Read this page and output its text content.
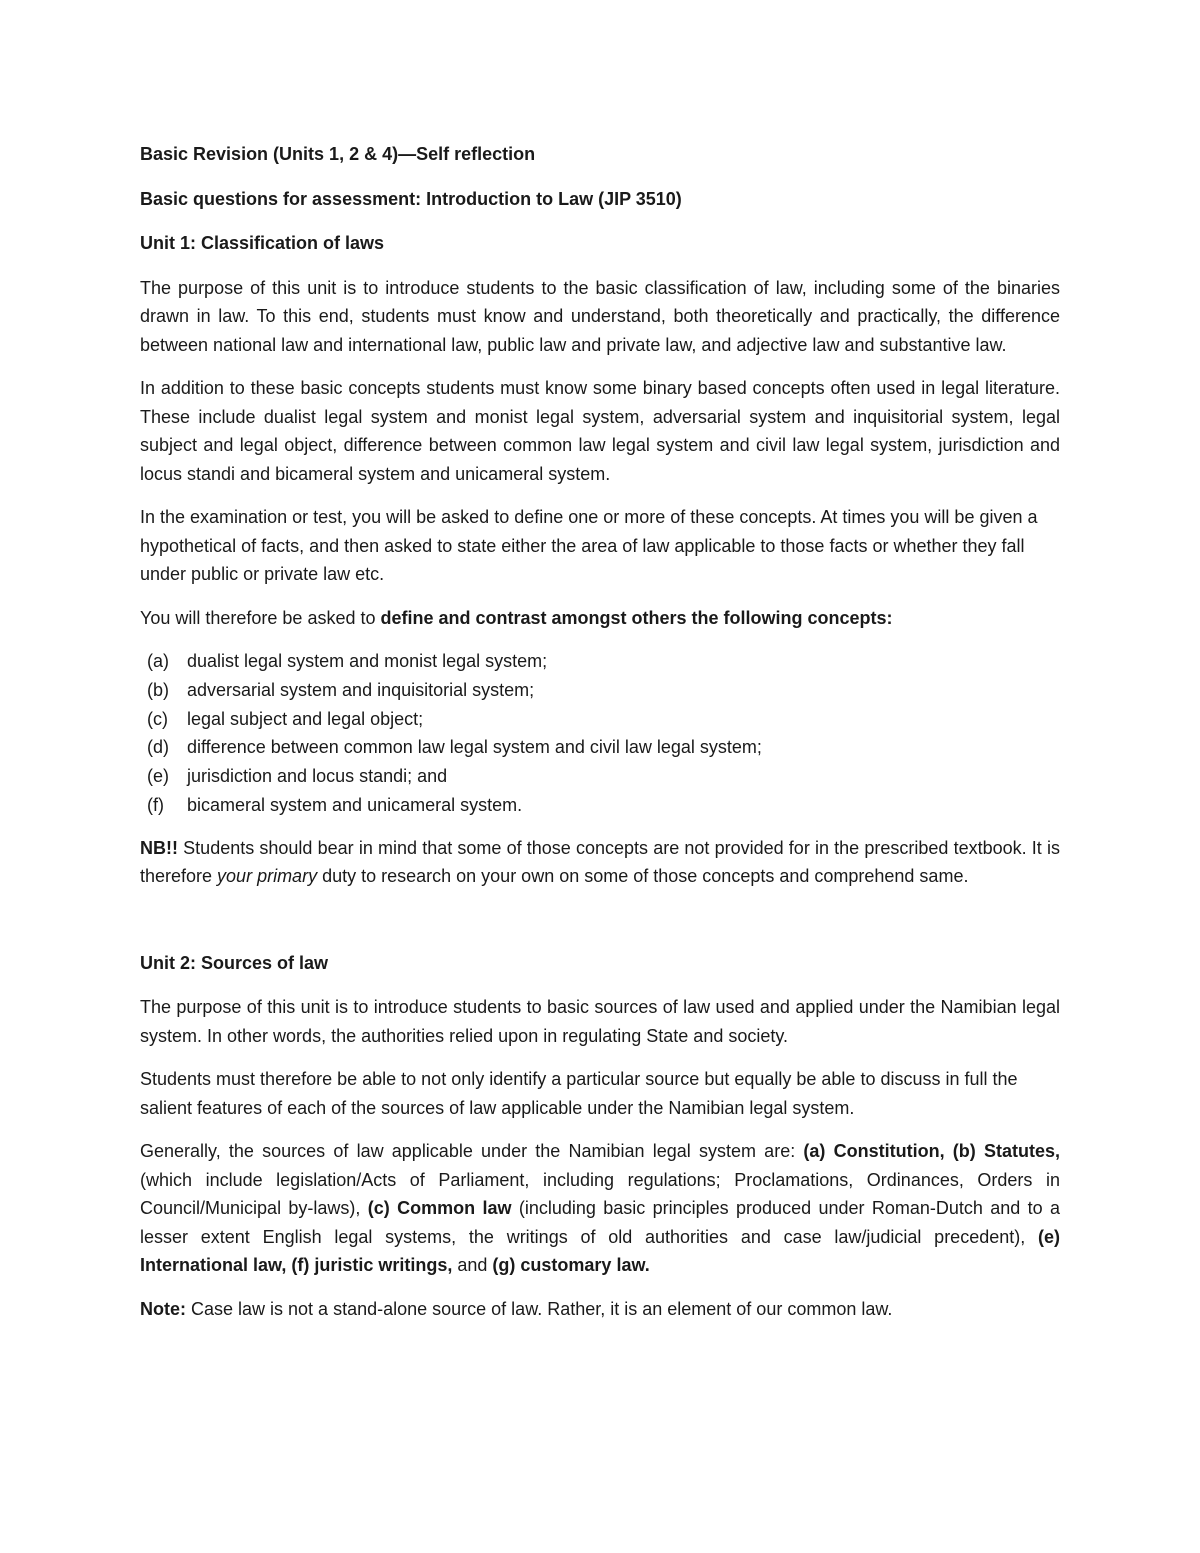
Basic Revision (Units 1, 2 & 4)—Self reflection

Basic questions for assessment: Introduction to Law (JIP 3510)

Unit 1: Classification of laws

The purpose of this unit is to introduce students to the basic classification of law, including some of the binaries drawn in law. To this end, students must know and understand, both theoretically and practically, the difference between national law and international law, public law and private law, and adjective law and substantive law.

In addition to these basic concepts students must know some binary based concepts often used in legal literature. These include dualist legal system and monist legal system, adversarial system and inquisitorial system, legal subject and legal object, difference between common law legal system and civil law legal system, jurisdiction and locus standi and bicameral system and unicameral system.

In the examination or test, you will be asked to define one or more of these concepts. At times you will be given a hypothetical of facts, and then asked to state either the area of law applicable to those facts or whether they fall under public or private law etc.

You will therefore be asked to define and contrast amongst others the following concepts:

(a)	dualist legal system and monist legal system;
(b)	adversarial system and inquisitorial system;
(c)	legal subject and legal object;
(d)	difference between common law legal system and civil law legal system;
(e)	jurisdiction and locus standi; and
(f)	bicameral system and unicameral system.

NB!! Students should bear in mind that some of those concepts are not provided for in the prescribed textbook. It is therefore your primary duty to research on your own on some of those concepts and comprehend same.

Unit 2: Sources of law

The purpose of this unit is to introduce students to basic sources of law used and applied under the Namibian legal system. In other words, the authorities relied upon in regulating State and society.

Students must therefore be able to not only identify a particular source but equally be able to discuss in full the salient features of each of the sources of law applicable under the Namibian legal system.

Generally, the sources of law applicable under the Namibian legal system are: (a) Constitution, (b) Statutes, (which include legislation/Acts of Parliament, including regulations; Proclamations, Ordinances, Orders in Council/Municipal by-laws), (c) Common law (including basic principles produced under Roman-Dutch and to a lesser extent English legal systems, the writings of old authorities and case law/judicial precedent), (e) International law, (f) juristic writings, and (g) customary law.

Note: Case law is not a stand-alone source of law. Rather, it is an element of our common law.
